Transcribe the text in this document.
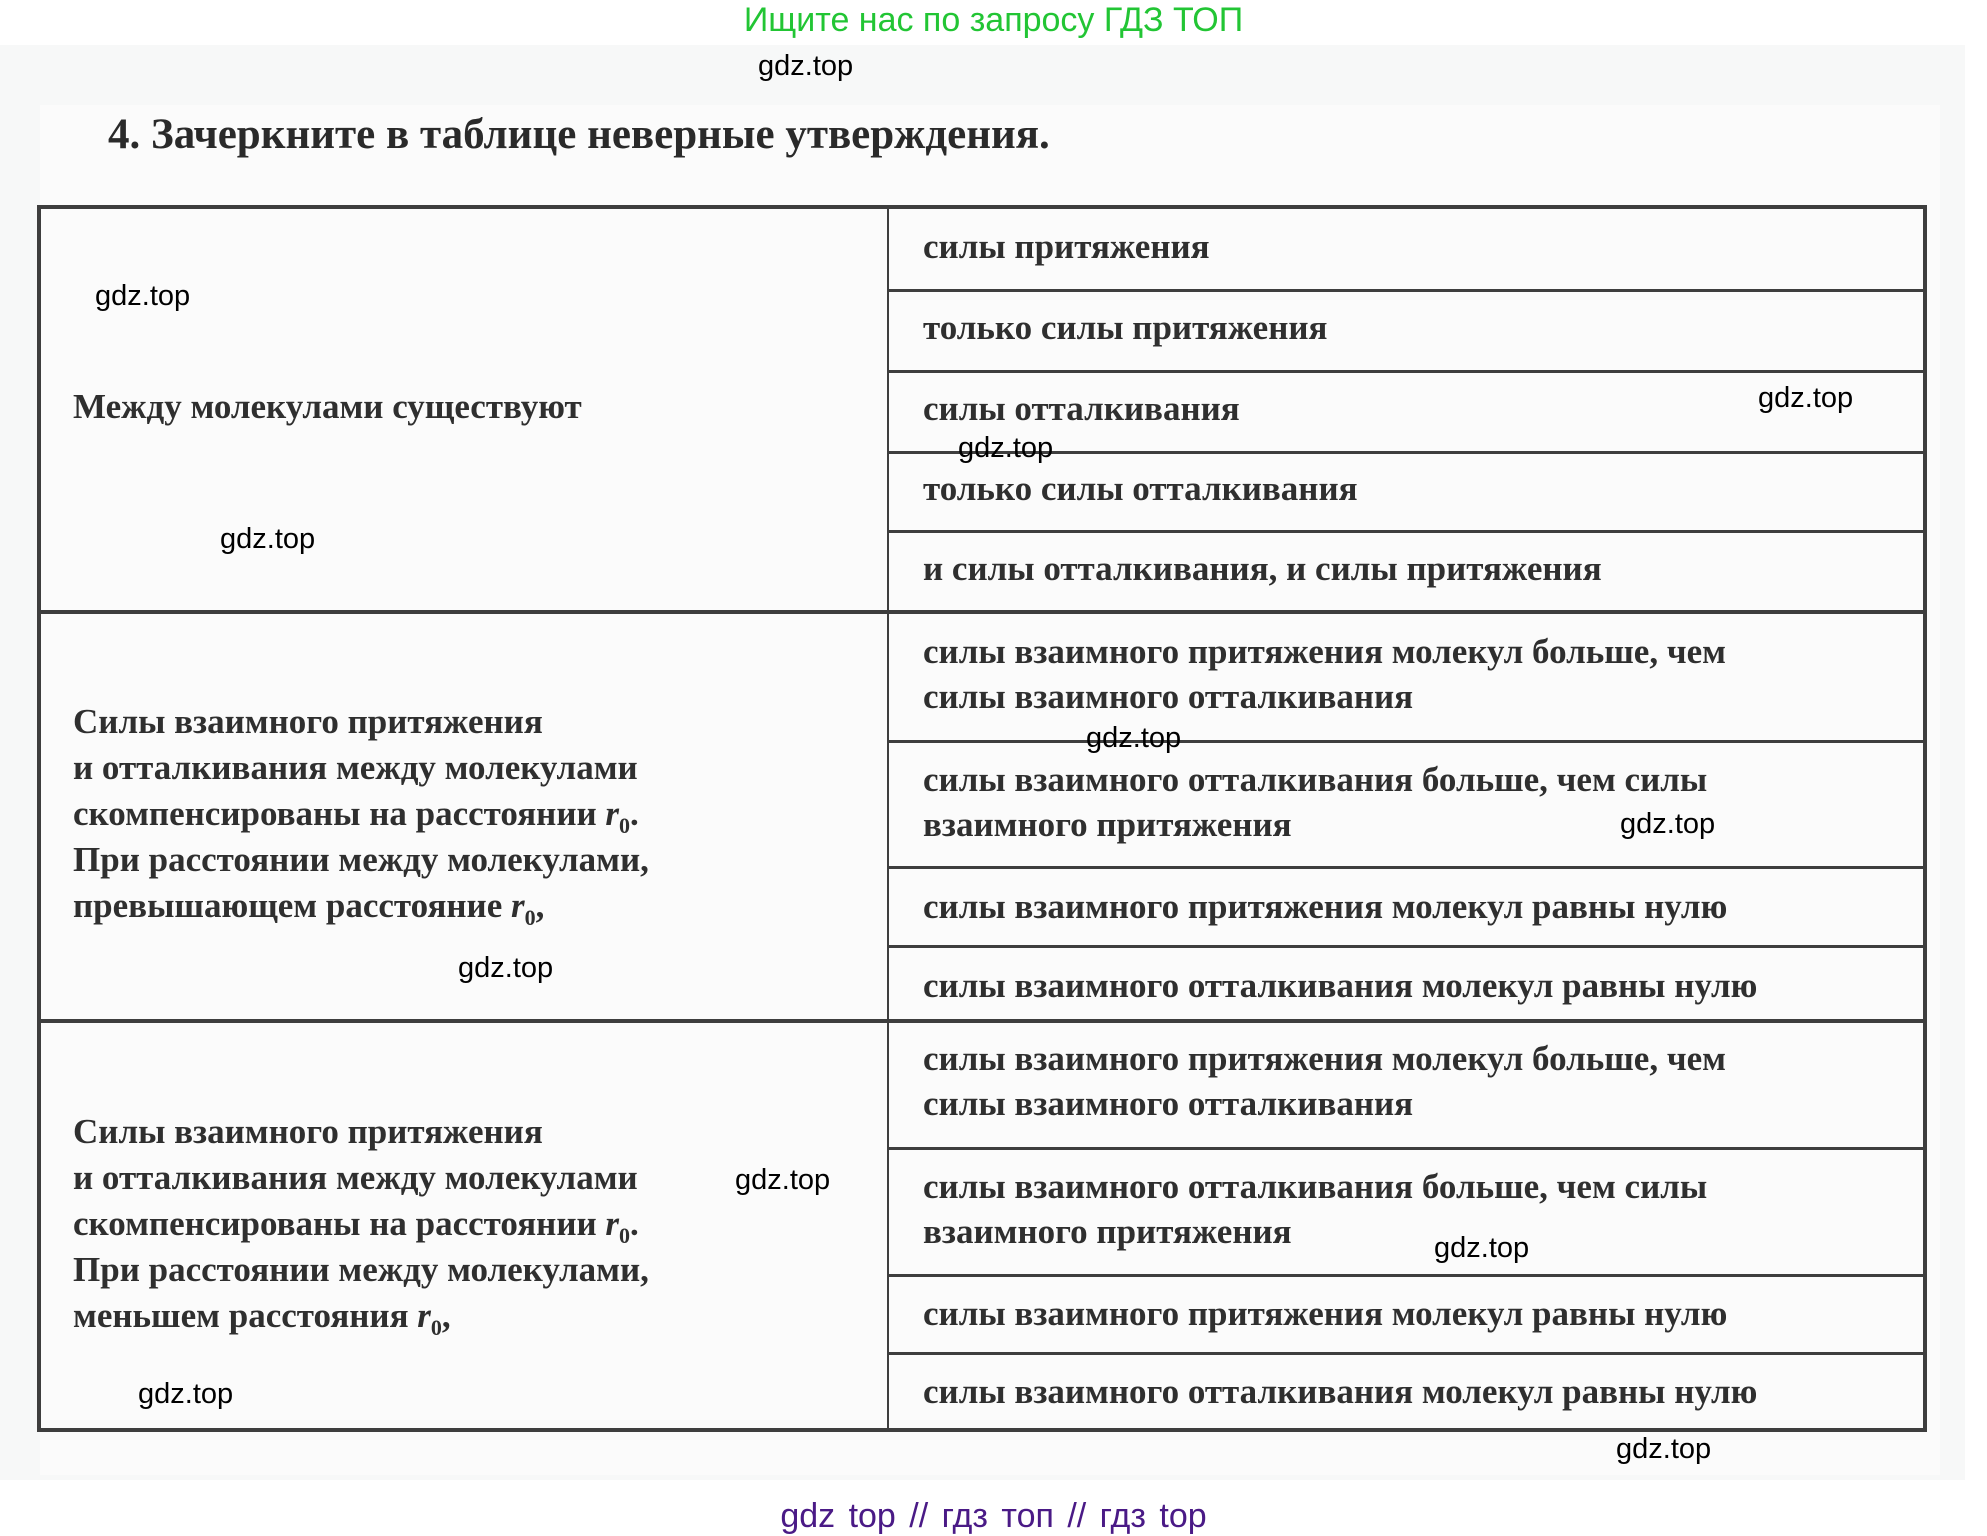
Ищите нас по запросу ГДЗ ТОП
4. Зачеркните в таблице неверные утверждения.
Между молекулами существуют
силы притяжения
только силы притяжения
силы отталкивания
только силы отталкивания
и силы отталкивания, и силы притяжения
Силы взаимного притяжения
и отталкивания между молекулами
скомпенсированы на расстоянии $r_0$.
При расстоянии между молекулами,
превышающем расстояние $r_0$,
силы взаимного притяжения молекул больше, чем
силы взаимного отталкивания
силы взаимного отталкивания больше, чем силы
взаимного притяжения
силы взаимного притяжения молекул равны нулю
силы взаимного отталкивания молекул равны нулю
Силы взаимного притяжения
и отталкивания между молекулами
скомпенсированы на расстоянии $r_0$.
При расстоянии между молекулами,
меньшем расстояния $r_0$,
силы взаимного притяжения молекул больше, чем
силы взаимного отталкивания
силы взаимного отталкивания больше, чем силы
взаимного притяжения
силы взаимного притяжения молекул равны нулю
силы взаимного отталкивания молекул равны нулю
gdz.top
gdz.top
gdz.top
gdz.top
gdz.top
gdz.top
gdz.top
gdz.top
gdz.top
gdz.top
gdz.top
gdz.top
gdz top // гдз топ // гдз top
